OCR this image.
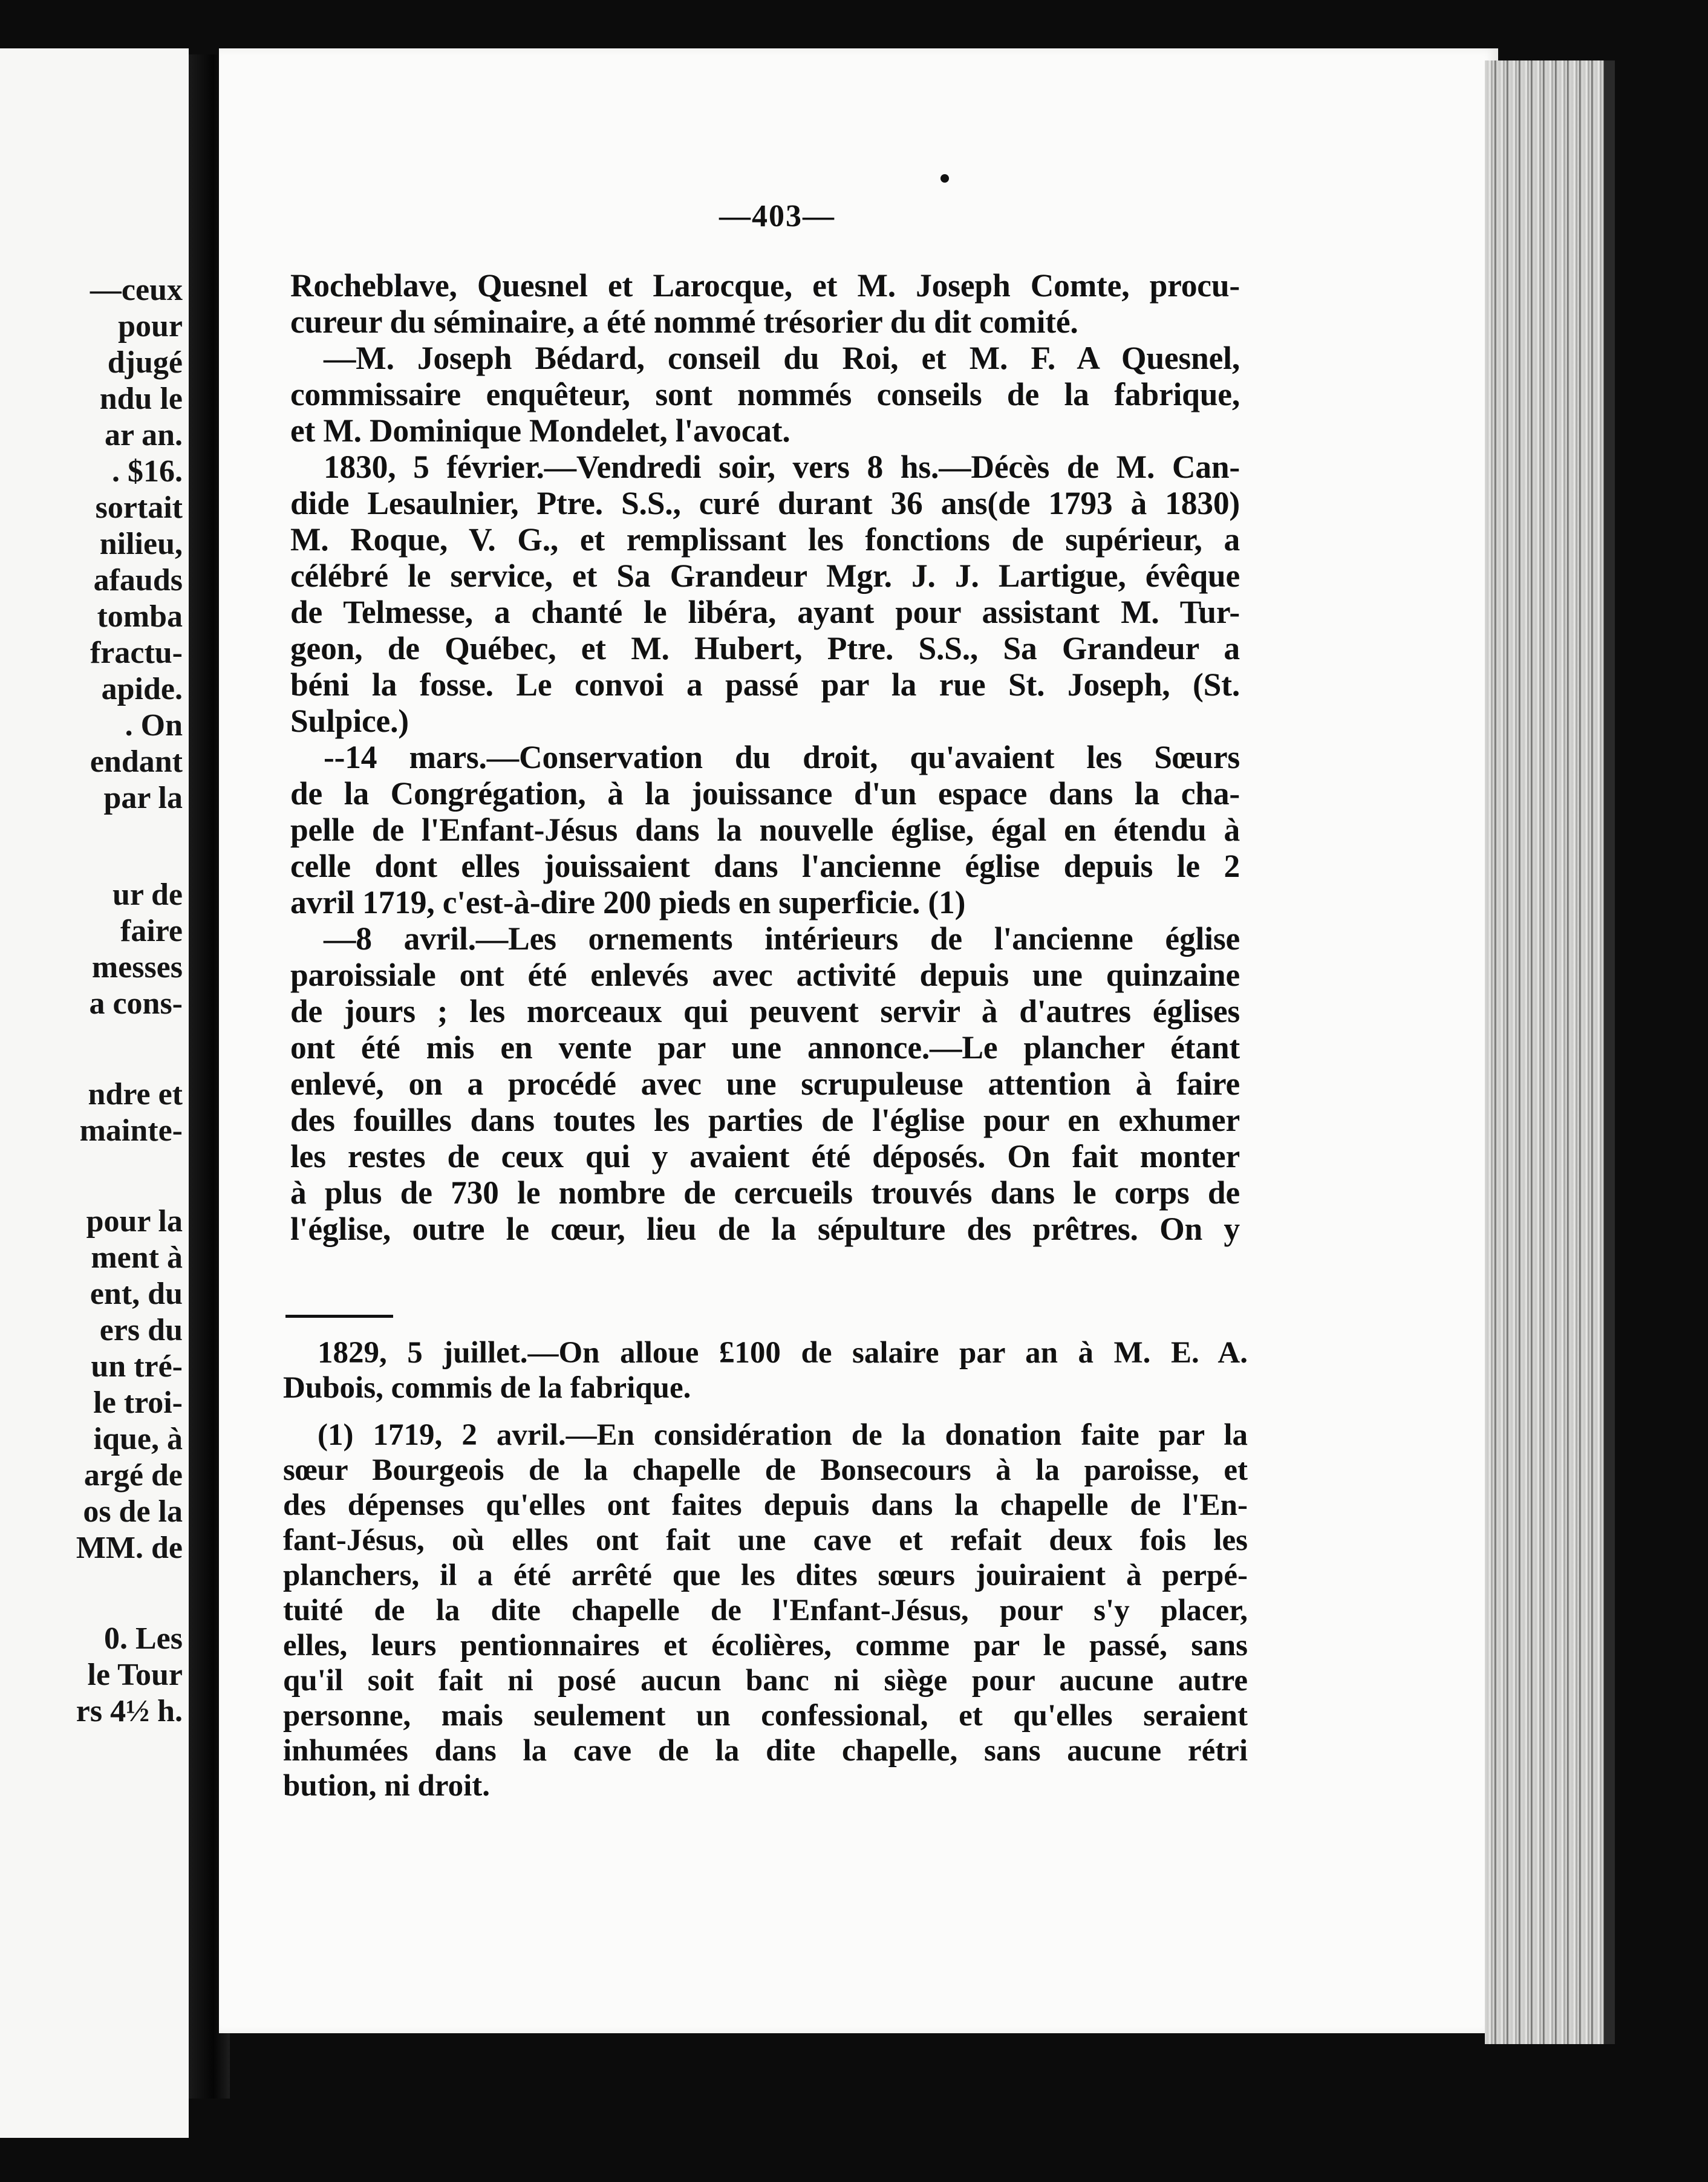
—ceux
pour
djugé
ndu le
ar an.
. $16.
sortait
nilieu,
afauds
tomba
fractu-
apide.
. On
endant
par la
ur de
faire
messes
a cons-
ndre et
mainte-
pour la
ment à
ent, du
ers du
un tré-
le troi-
ique, à
argé de
os de la
MM. de
0. Les
le Tour
rs 4½ h.
—403—
Rocheblave, Quesnel et Larocque, et M. Joseph Comte, procu-
cureur du séminaire, a été nommé trésorier du dit comité.
—M. Joseph Bédard, conseil du Roi, et M. F. A Quesnel,
commissaire enquêteur, sont nommés conseils de la fabrique,
et M. Dominique Mondelet, l'avocat.
1830, 5 février.—Vendredi soir, vers 8 hs.—Décès de M. Can-
dide Lesaulnier, Ptre. S.S., curé durant 36 ans(de 1793 à 1830)
M. Roque, V. G., et remplissant les fonctions de supérieur, a
célébré le service, et Sa Grandeur Mgr. J. J. Lartigue, évêque
de Telmesse, a chanté le libéra, ayant pour assistant M. Tur-
geon, de Québec, et M. Hubert, Ptre. S.S., Sa Grandeur a
béni la fosse. Le convoi a passé par la rue St. Joseph, (St.
Sulpice.)
--14 mars.—Conservation du droit, qu'avaient les Sœurs
de la Congrégation, à la jouissance d'un espace dans la cha-
pelle de l'Enfant-Jésus dans la nouvelle église, égal en étendu à
celle dont elles jouissaient dans l'ancienne église depuis le 2
avril 1719, c'est-à-dire 200 pieds en superficie. (1)
—8 avril.—Les ornements intérieurs de l'ancienne église
paroissiale ont été enlevés avec activité depuis une quinzaine
de jours ; les morceaux qui peuvent servir à d'autres églises
ont été mis en vente par une annonce.—Le plancher étant
enlevé, on a procédé avec une scrupuleuse attention à faire
des fouilles dans toutes les parties de l'église pour en exhumer
les restes de ceux qui y avaient été déposés. On fait monter
à plus de 730 le nombre de cercueils trouvés dans le corps de
l'église, outre le cœur, lieu de la sépulture des prêtres. On y
1829, 5 juillet.—On alloue £100 de salaire par an à M. E. A.
Dubois, commis de la fabrique.
(1) 1719, 2 avril.—En considération de la donation faite par la
sœur Bourgeois de la chapelle de Bonsecours à la paroisse, et
des dépenses qu'elles ont faites depuis dans la chapelle de l'En-
fant-Jésus, où elles ont fait une cave et refait deux fois les
planchers, il a été arrêté que les dites sœurs jouiraient à perpé-
tuité de la dite chapelle de l'Enfant-Jésus, pour s'y placer,
elles, leurs pentionnaires et écolières, comme par le passé, sans
qu'il soit fait ni posé aucun banc ni siège pour aucune autre
personne, mais seulement un confessional, et qu'elles seraient
inhumées dans la cave de la dite chapelle, sans aucune rétri
bution, ni droit.
